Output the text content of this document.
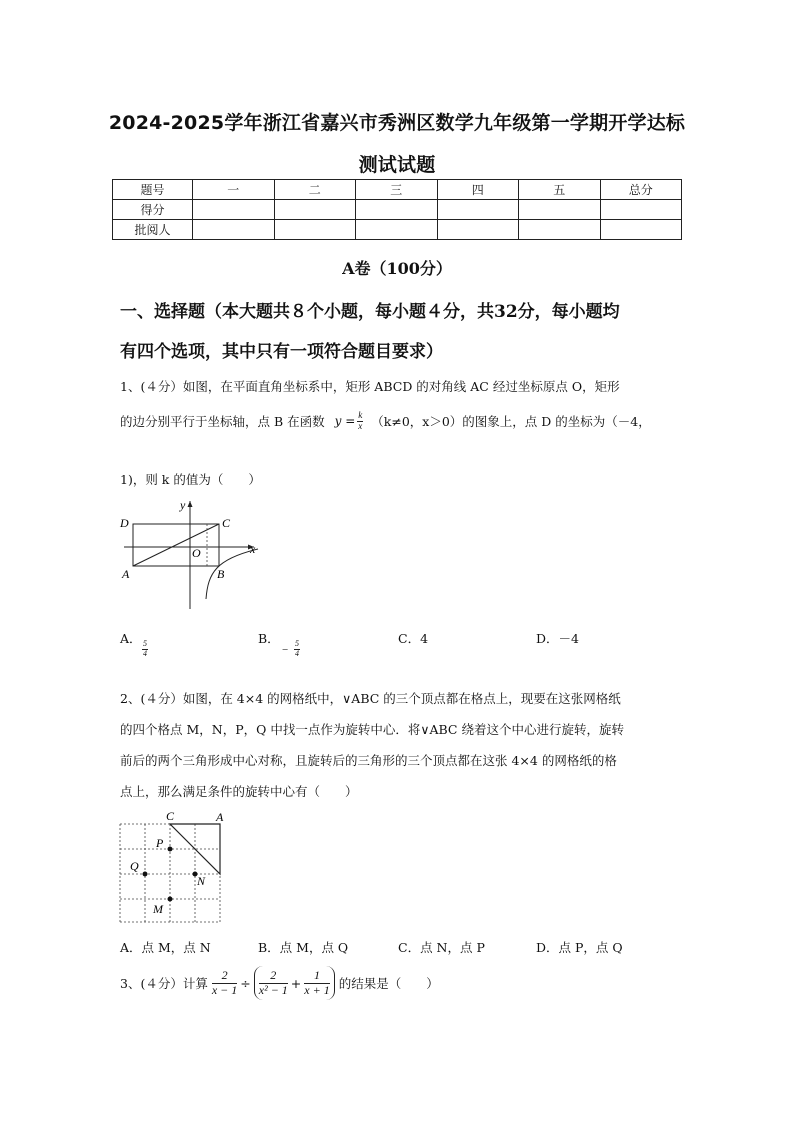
2024-2025学年浙江省嘉兴市秀洲区数学九年级第一学期开学达标
测试试题
题号	一	二	三	四	五	总分
得分						
批阅人						
A卷（100分）
一、选择题（本大题共８个小题，每小题４分，共32分，每小题均
有四个选项，其中只有一项符合题目要求）
1、(４分）如图，在平面直角坐标系中，矩形 ABCD 的对角线 AC 经过坐标原点 O，矩形
的边分别平行于坐标轴，点 B 在函数 $y = \frac{k}{x} (k\ne 0$，x＞0）的图象上，点 D 的坐标为（－4，
1)，则 k 的值为（　　）
D	C
A	B
O	x
y
A．
$\frac{5}{4}$
B．
− $\frac{5}{4}$
C．4	D．－4
2、(４分）如图，在 4×4 的网格纸中，∨ABC 的三个顶点都在格点上，现要在这张网格纸
的四个格点 M，N，P，Q 中找一点作为旋转中心．将∨ABC 绕着这个中心进行旋转，旋转
前后的两个三角形成中心对称，且旋转后的三角形的三个顶点都在这张 4×4 的网格纸的格
点上，那么满足条件的旋转中心有（　　）
C	A
P
Q
N
M
A．点 M，点 N	B．点 M，点 Q	C．点 N，点 P	D．点 P，点 Q
3、(４分）计算 $\frac{2}{x - 1} \div \frac{2}{\text{x² − 1}} + \frac{1}{x + 1}$ 的结果是（　　）
